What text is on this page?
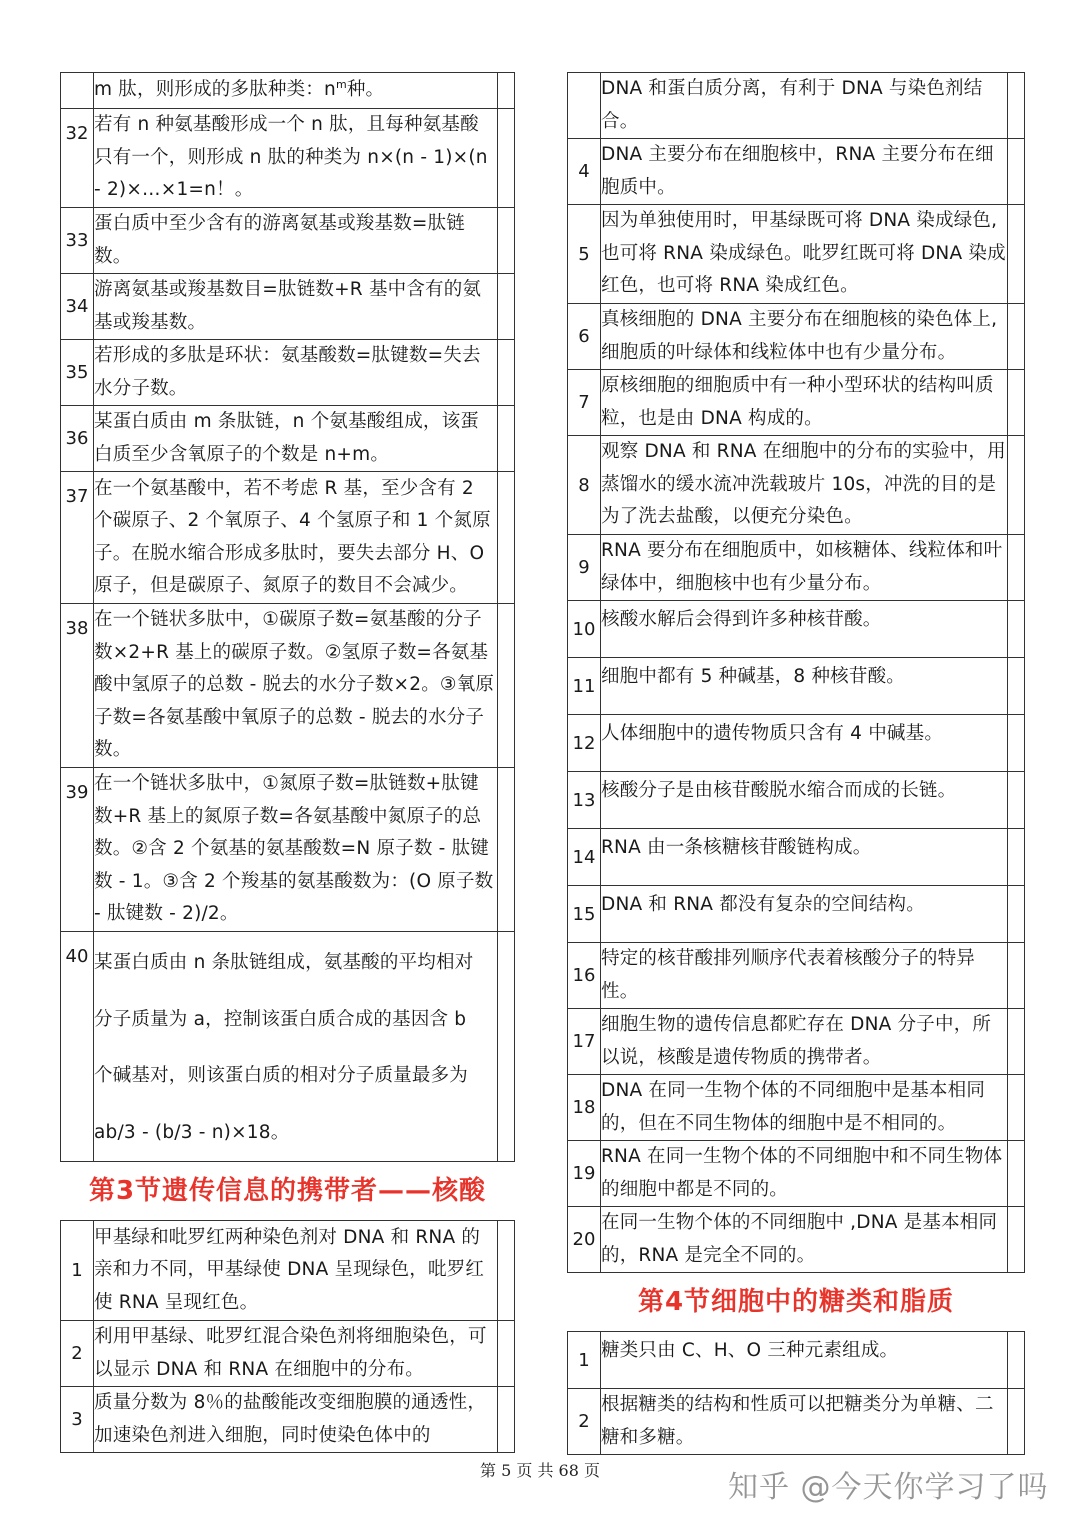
	m 肽，则形成的多肽种类：$n^m$种。	
32	若有 n 种氨基酸形成一个 n 肽，且每种氨基酸只有一个，则形成 n 肽的种类为 n×(n - 1)×(n - 2)×…×1=n！。	
33	蛋白质中至少含有的游离氨基或羧基数=肽链数。	
34	游离氨基或羧基数目=肽链数+R 基中含有的氨基或羧基数。	
35	若形成的多肽是环状：氨基酸数=肽键数=失去水分子数。	
36	某蛋白质由 m 条肽链，n 个氨基酸组成，该蛋白质至少含氧原子的个数是 n+m。	
37	在一个氨基酸中，若不考虑 R 基，至少含有 2 个碳原子、2 个氧原子、4 个氢原子和 1 个氮原子。在脱水缩合形成多肽时，要失去部分 H、O 原子，但是碳原子、氮原子的数目不会减少。	
38	在一个链状多肽中，①碳原子数=氨基酸的分子数×2+R 基上的碳原子数。②氢原子数=各氨基酸中氢原子的总数 - 脱去的水分子数×2。③氧原子数=各氨基酸中氧原子的总数 - 脱去的水分子数。	
39	在一个链状多肽中，①氮原子数=肽链数+肽键数+R 基上的氮原子数=各氨基酸中氮原子的总数。②含 2 个氨基的氨基酸数=N 原子数 - 肽键数 - 1。③含 2 个羧基的氨基酸数为：(O 原子数 - 肽键数 - 2)/2。	
40	某蛋白质由 n 条肽链组成，氨基酸的平均相对
分子质量为 a，控制该蛋白质合成的基因含 b
个碱基对，则该蛋白质的相对分子质量最多为
ab/3 - (b/3 - n)×18。	

第3节遗传信息的携带者——核酸
1	甲基绿和吡罗红两种染色剂对 DNA 和 RNA 的亲和力不同，甲基绿使 DNA 呈现绿色，吡罗红使 RNA 呈现红色。	
2	利用甲基绿、吡罗红混合染色剂将细胞染色，可以显示 DNA 和 RNA 在细胞中的分布。	
3	质量分数为 8％的盐酸能改变细胞膜的通透性，加速染色剂进入细胞，同时使染色体中的	
	DNA 和蛋白质分离，有利于 DNA 与染色剂结合。	
4	DNA 主要分布在细胞核中，RNA 主要分布在细胞质中。	
5	因为单独使用时，甲基绿既可将 DNA 染成绿色,也可将 RNA 染成绿色。吡罗红既可将 DNA 染成红色，也可将 RNA 染成红色。	
6	真核细胞的 DNA 主要分布在细胞核的染色体上,细胞质的叶绿体和线粒体中也有少量分布。	
7	原核细胞的细胞质中有一种小型环状的结构叫质粒，也是由 DNA 构成的。	
8	观察 DNA 和 RNA 在细胞中的分布的实验中，用蒸馏水的缓水流冲洗载玻片 10s，冲洗的目的是为了洗去盐酸，以便充分染色。	
9	RNA 要分布在细胞质中，如核糖体、线粒体和叶绿体中，细胞核中也有少量分布。	
10	核酸水解后会得到许多种核苷酸。	
11	细胞中都有 5 种碱基，8 种核苷酸。	
12	人体细胞中的遗传物质只含有 4 中碱基。	
13	核酸分子是由核苷酸脱水缩合而成的长链。	
14	RNA 由一条核糖核苷酸链构成。	
15	DNA 和 RNA 都没有复杂的空间结构。	
16	特定的核苷酸排列顺序代表着核酸分子的特异性。	
17	细胞生物的遗传信息都贮存在 DNA 分子中，所以说，核酸是遗传物质的携带者。	
18	DNA 在同一生物个体的不同细胞中是基本相同的，但在不同生物体的细胞中是不相同的。	
19	RNA 在同一生物个体的不同细胞中和不同生物体的细胞中都是不同的。	
20	在同一生物个体的不同细胞中 ,DNA 是基本相同的，RNA 是完全不同的。	
第4节细胞中的糖类和脂质
1	糖类只由 C、H、O 三种元素组成。	
2	根据糖类的结构和性质可以把糖类分为单糖、二糖和多糖。	
第 5 页 共 68 页	知乎 @今天你学习了吗
